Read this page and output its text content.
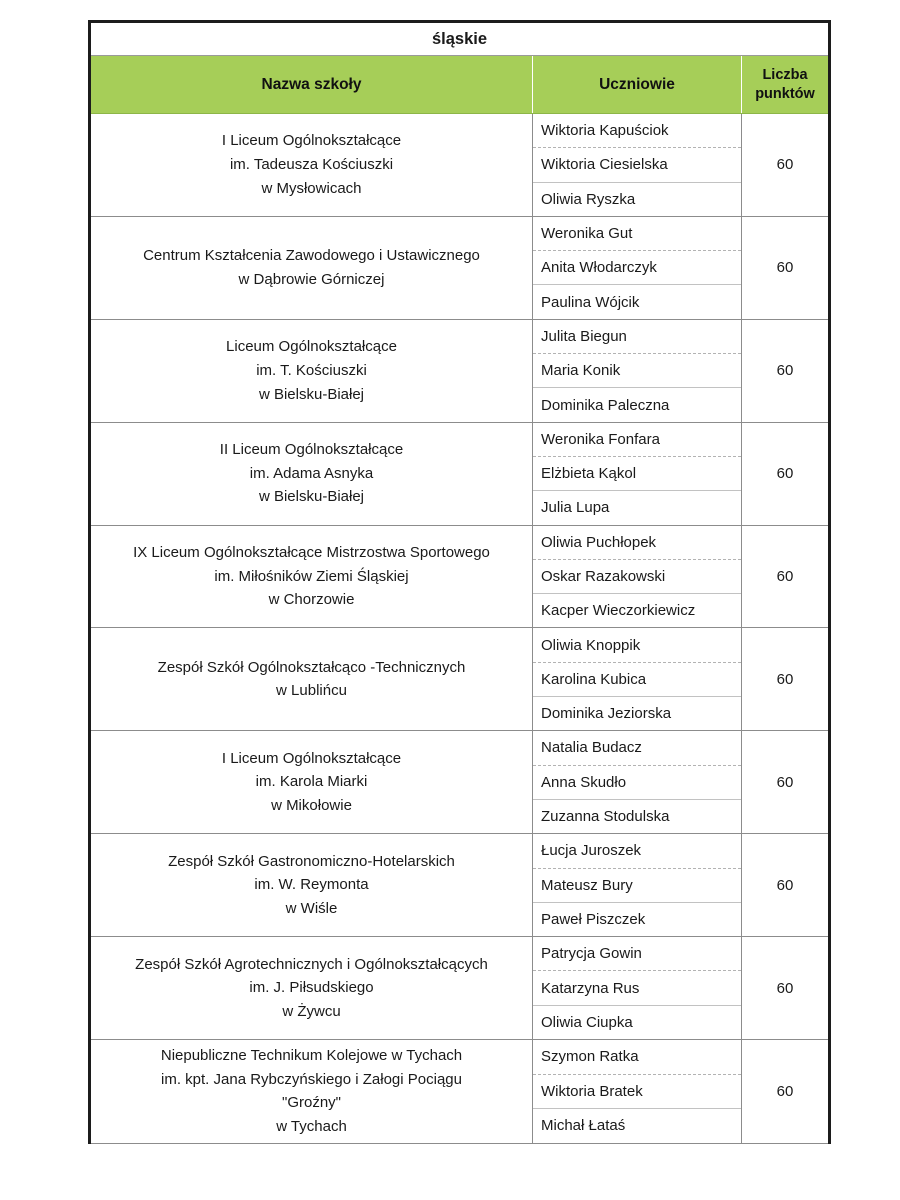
śląskie		
Nazwa szkoły	Uczniowie	Liczba
punktów
I Liceum Ogólnokształcące
im. Tadeusza Kościuszki
w Mysłowicach	Wiktoria Kapuściok	60
	Wiktoria Ciesielska	
	Oliwia Ryszka	
Centrum Kształcenia Zawodowego i Ustawicznego
w Dąbrowie Górniczej	Weronika Gut	60
	Anita Włodarczyk	
	Paulina Wójcik	
Liceum Ogólnokształcące
im. T. Kościuszki
w Bielsku-Białej	Julita Biegun	60
	Maria Konik	
	Dominika Paleczna	
II Liceum Ogólnokształcące
im. Adama Asnyka
w Bielsku-Białej	Weronika Fonfara	60
	Elżbieta Kąkol	
	Julia Lupa	
IX Liceum Ogólnokształcące Mistrzostwa Sportowego
im. Miłośników Ziemi Śląskiej
w Chorzowie	Oliwia Puchłopek	60
	Oskar Razakowski	
	Kacper Wieczorkiewicz	
Zespół Szkół Ogólnokształcąco -Technicznych
w Lublińcu	Oliwia Knoppik	60
	Karolina Kubica	
	Dominika Jeziorska	
I Liceum Ogólnokształcące
im. Karola Miarki
w Mikołowie	Natalia Budacz	60
	Anna Skudło	
	Zuzanna Stodulska	
Zespół Szkół Gastronomiczno-Hotelarskich
im. W. Reymonta
w Wiśle	Łucja Juroszek	60
	Mateusz Bury	
	Paweł Piszczek	
Zespół Szkół Agrotechnicznych i Ogólnokształcących
im. J. Piłsudskiego
w Żywcu	Patrycja Gowin	60
	Katarzyna Rus	
	Oliwia Ciupka	
Niepubliczne Technikum Kolejowe w Tychach
im. kpt. Jana Rybczyńskiego i Załogi Pociągu
"Groźny"
w Tychach	Szymon Ratka	60
	Wiktoria Bratek	
	Michał Łataś	
